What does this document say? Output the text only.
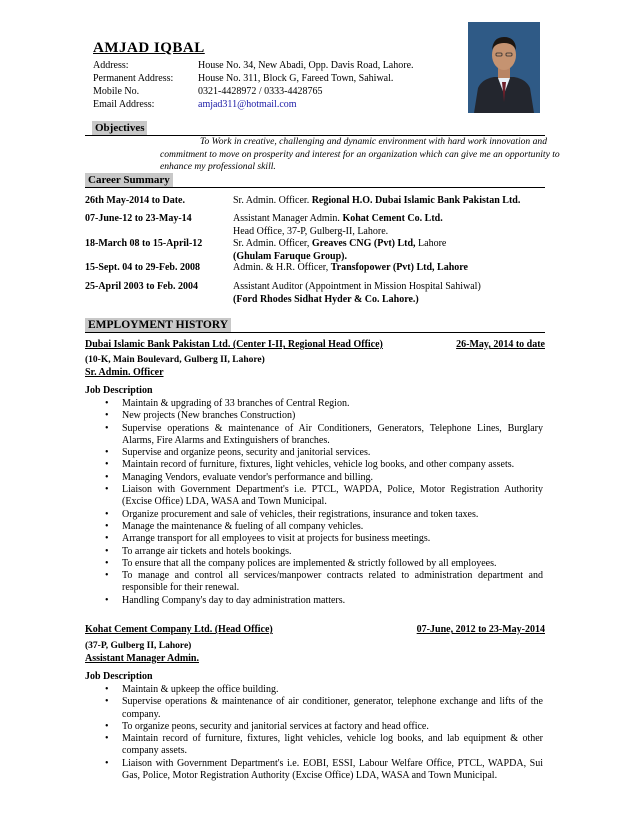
AMJAD IQBAL
Address:	House No. 34, New Abadi, Opp. Davis Road, Lahore.
Permanent Address:	House No. 311, Block G, Fareed Town, Sahiwal.
Mobile No.	0321-4428972 / 0333-4428765
Email Address:	amjad311@hotmail.com
Objectives
To Work in creative, challenging and dynamic environment with hard work innovation and commitment to move on prosperity and interest for an organization which can give me an opportunity to enhance my professional skill.
Career Summary
26th May-2014 to Date.	Sr. Admin. Officer. Regional H.O. Dubai Islamic Bank Pakistan Ltd.
07-June-12 to 23-May-14	Assistant Manager Admin. Kohat Cement Co. Ltd.
Head Office, 37-P, Gulberg-II, Lahore.
18-March 08 to 15-April-12	Sr. Admin. Officer, Greaves CNG (Pvt) Ltd, Lahore
(Ghulam Faruque Group).
15-Sept. 04 to 29-Feb. 2008	Admin. & H.R. Officer, Transfopower (Pvt) Ltd, Lahore
25-April 2003 to Feb. 2004	Assistant Auditor (Appointment in Mission Hospital Sahiwal)
(Ford Rhodes Sidhat Hyder & Co. Lahore.)
EMPLOYMENT HISTORY
Dubai Islamic Bank Pakistan Ltd. (Center I-II, Regional Head Office)	26-May, 2014 to date
(10-K, Main Boulevard, Gulberg II, Lahore)
Sr. Admin. Officer
Job Description
• Maintain & upgrading of 33 branches of Central Region.
• New projects (New branches Construction)
• Supervise operations & maintenance of Air Conditioners, Generators, Telephone Lines, Burglary Alarms, Fire Alarms and Extinguishers of branches.
• Supervise and organize peons, security and janitorial services.
• Maintain record of furniture, fixtures, light vehicles, vehicle log books, and other company assets.
• Managing Vendors, evaluate vendor's performance and billing.
• Liaison with Government Department's i.e. PTCL, WAPDA, Police, Motor Registration Authority (Excise Office) LDA, WASA and Town Municipal.
• Organize procurement and sale of vehicles, their registrations, insurance and token taxes.
• Manage the maintenance & fueling of all company vehicles.
• Arrange transport for all employees to visit at projects for business meetings.
• To arrange air tickets and hotels bookings.
• To ensure that all the company polices are implemented & strictly followed by all employees.
• To manage and control all services/manpower contracts related to administration department and responsible for their renewal.
• Handling Company's day to day administration matters.
Kohat Cement Company Ltd. (Head Office)	07-June, 2012 to 23-May-2014
(37-P, Gulberg II, Lahore)
Assistant Manager Admin.
Job Description
• Maintain & upkeep the office building.
• Supervise operations & maintenance of air conditioner, generator, telephone exchange and lifts of the company.
• To organize peons, security and janitorial services at factory and head office.
• Maintain record of furniture, fixtures, light vehicles, vehicle log books, and lab equipment & other company assets.
• Liaison with Government Department's i.e. EOBI, ESSI, Labour Welfare Office, PTCL, WAPDA, Sui Gas, Police, Motor Registration Authority (Excise Office) LDA, WASA and Town Municipal.
